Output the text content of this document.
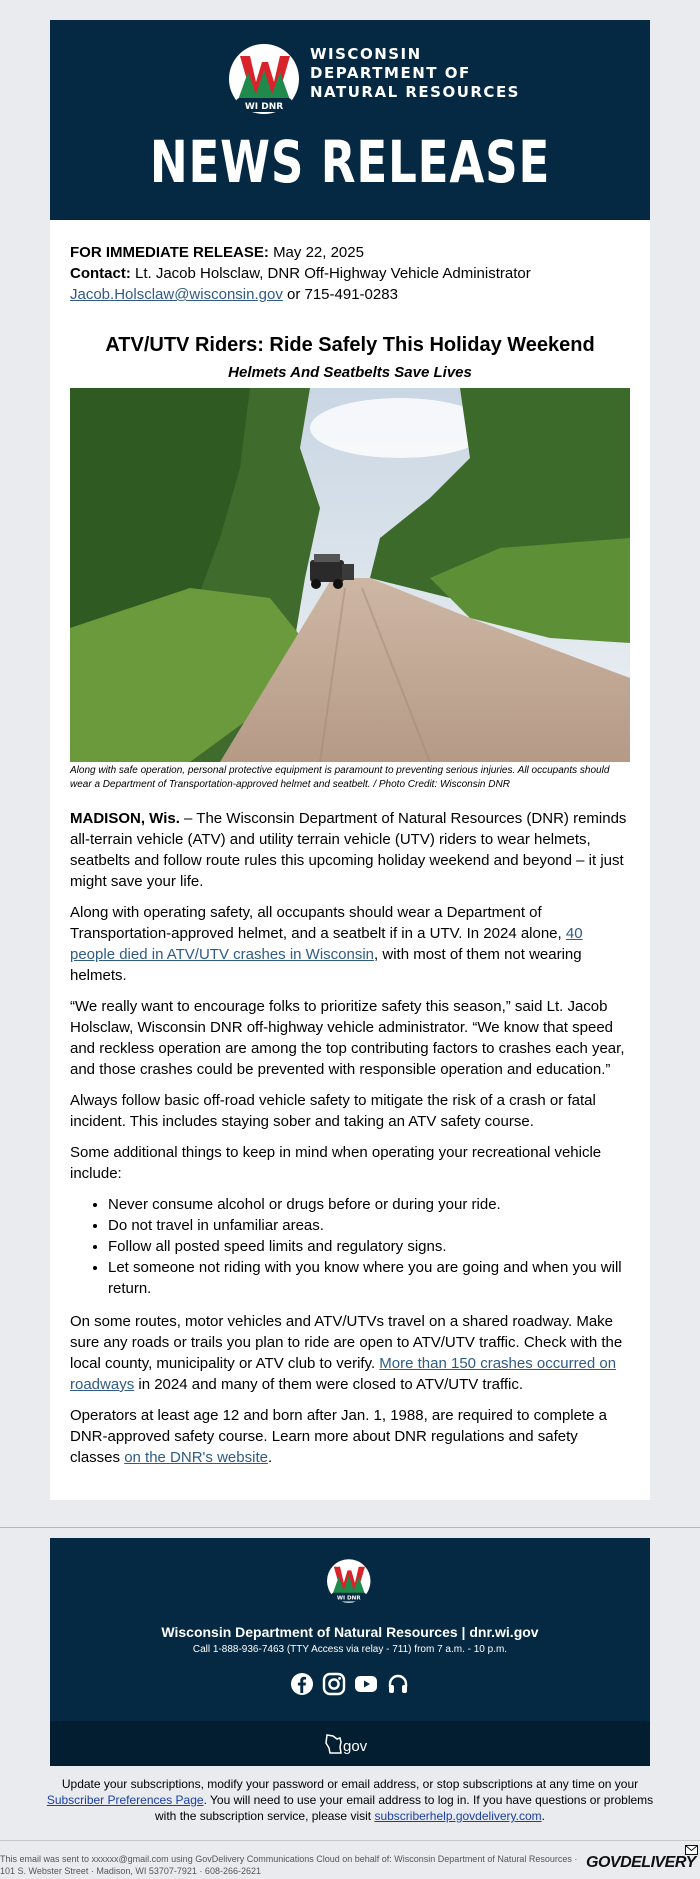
WI DNR
WISCONSIN
DEPARTMENT OF
NATURAL RESOURCES
NEWS RELEASE
FOR IMMEDIATE RELEASE: May 22, 2025
Contact: Lt. Jacob Holsclaw, DNR Off-Highway Vehicle Administrator
Jacob.Holsclaw@wisconsin.gov or 715-491-0283
ATV/UTV Riders: Ride Safely This Holiday Weekend
Helmets And Seatbelts Save Lives
Along with safe operation, personal protective equipment is paramount to preventing serious injuries. All occupants should wear a Department of Transportation-approved helmet and seatbelt. / Photo Credit: Wisconsin DNR

MADISON, Wis. – The Wisconsin Department of Natural Resources (DNR) reminds all-terrain vehicle (ATV) and utility terrain vehicle (UTV) riders to wear helmets, seatbelts and follow route rules this upcoming holiday weekend and beyond – it just might save your life.

Along with operating safety, all occupants should wear a Department of Transportation-approved helmet, and a seatbelt if in a UTV. In 2024 alone, 40 people died in ATV/UTV crashes in Wisconsin, with most of them not wearing helmets.

“We really want to encourage folks to prioritize safety this season,” said Lt. Jacob Holsclaw, Wisconsin DNR off-highway vehicle administrator. “We know that speed and reckless operation are among the top contributing factors to crashes each year, and those crashes could be prevented with responsible operation and education.”

Always follow basic off-road vehicle safety to mitigate the risk of a crash or fatal incident. This includes staying sober and taking an ATV safety course.

Some additional things to keep in mind when operating your recreational vehicle include:

• Never consume alcohol or drugs before or during your ride.
• Do not travel in unfamiliar areas.
• Follow all posted speed limits and regulatory signs.
• Let someone not riding with you know where you are going and when you will return.

On some routes, motor vehicles and ATV/UTVs travel on a shared roadway. Make sure any roads or trails you plan to ride are open to ATV/UTV traffic. Check with the local county, municipality or ATV club to verify. More than 150 crashes occurred on roadways in 2024 and many of them were closed to ATV/UTV traffic.

Operators at least age 12 and born after Jan. 1, 1988, are required to complete a DNR-approved safety course. Learn more about DNR regulations and safety classes on the DNR's website.

WI DNR
Wisconsin Department of Natural Resources | dnr.wi.gov
Call 1-888-936-7463 (TTY Access via relay - 711) from 7 a.m. - 10 p.m.
gov
Update your subscriptions, modify your password or email address, or stop subscriptions at any time on your Subscriber Preferences Page. You will need to use your email address to log in. If you have questions or problems with the subscription service, please visit subscriberhelp.govdelivery.com.
This email was sent to xxxxxx@gmail.com using GovDelivery Communications Cloud on behalf of: Wisconsin Department of Natural Resources · 101 S. Webster Street · Madison, WI 53707-7921 · 608-266-2621	GOVDELIVERY
